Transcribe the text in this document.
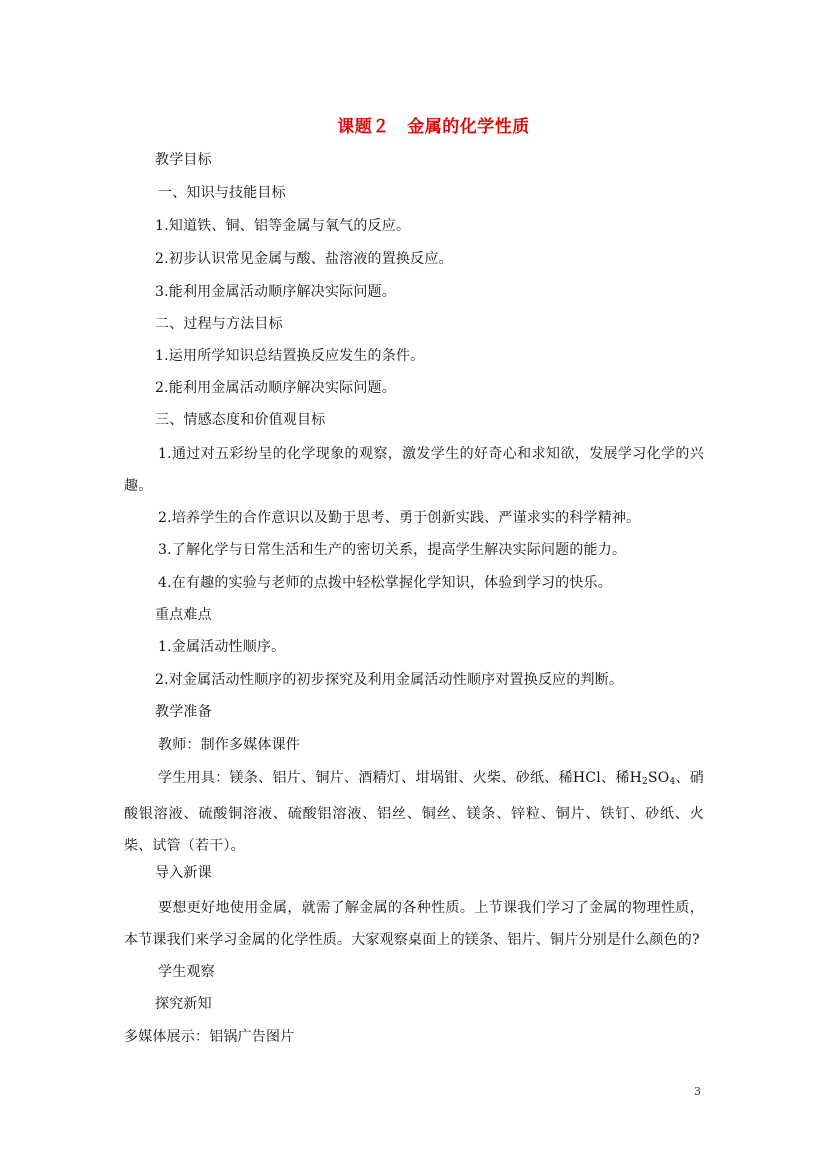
课题２　金属的化学性质
教学目标
一、知识与技能目标
1.知道铁、铜、铝等金属与氧气的反应。
2.初步认识常见金属与酸、盐溶液的置换反应。
3.能利用金属活动顺序解决实际问题。
二、过程与方法目标
1.运用所学知识总结置换反应发生的条件。
2.能利用金属活动顺序解决实际问题。
三、情感态度和价值观目标
1.通过对五彩纷呈的化学现象的观察，激发学生的好奇心和求知欲，发展学习化学的兴趣。
2.培养学生的合作意识以及勤于思考、勇于创新实践、严谨求实的科学精神。
3.了解化学与日常生活和生产的密切关系，提高学生解决实际问题的能力。
4.在有趣的实验与老师的点拨中轻松掌握化学知识，体验到学习的快乐。
重点难点
1.金属活动性顺序。
2.对金属活动性顺序的初步探究及利用金属活动性顺序对置换反应的判断。
教学准备
教师：制作多媒体课件
学生用具：镁条、铝片、铜片、酒精灯、坩埚钳、火柴、砂纸、稀HCl、稀$H_2SO_4$、硝酸银溶液、硫酸铜溶液、硫酸铝溶液、铝丝、铜丝、镁条、锌粒、铜片、铁钉、砂纸、火柴、试管（若干）。
导入新课
要想更好地使用金属，就需了解金属的各种性质。上节课我们学习了金属的物理性质，本节课我们来学习金属的化学性质。大家观察桌面上的镁条、铝片、铜片分别是什么颜色的?
学生观察
探究新知
多媒体展示：铝锅广告图片
3
